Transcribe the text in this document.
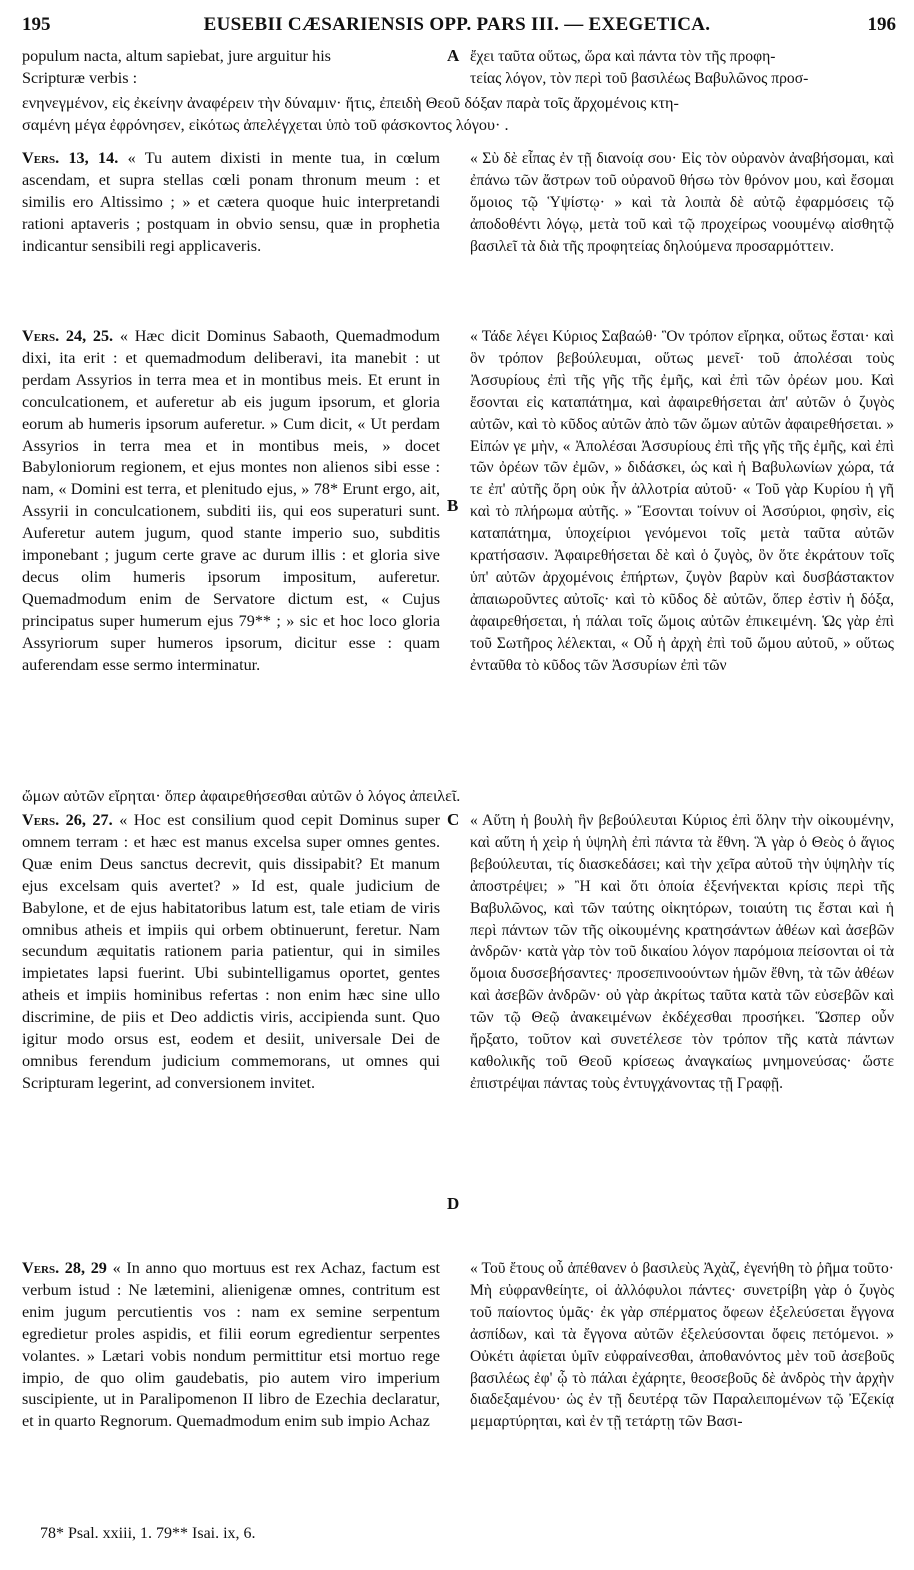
195	EUSEBII CÆSARIENSIS OPP. PARS III. — EXEGETICA.	196

populum nacta, altum sapiebat, jure arguitur his

Scripturæ verbis :

A ἔχει ταῦτα οὕτως, ὥρα καὶ πάντα τὸν τῆς προφη-

τείας λόγον, τὸν περὶ τοῦ βασιλέως Βαβυλῶνος προσ-

ενηνεγμένον, εἰς ἐκείνην ἀναφέρειν τὴν δύναμιν· ἥτις, ἐπειδὴ Θεοῦ δόξαν παρὰ τοῖς ἄρχομένοις κτη-
σαμένη μέγα ἐφρόνησεν, εἰκότως ἀπελέγχεται ὑπὸ τοῦ φάσκοντος λόγου· .

Vers. 13, 14. « Tu autem dixisti in mente tua, in cœlum ascendam, et supra stellas cœli ponam thronum meum : et similis ero Altissimo ; » et cætera quoque huic interpretandi rationi aptaveris ; postquam in obvio sensu, quæ in prophetia indicantur sensibili regi applicaveris.

« Σὺ δὲ εἶπας ἐν τῇ διανοίᾳ σου· Εἰς τὸν οὐρανὸν ἀναβήσομαι, καὶ ἐπάνω τῶν ἄστρων τοῦ οὐρανοῦ θήσω τὸν θρόνον μου, καὶ ἔσομαι ὅμοιος τῷ Ὑψίστῳ· » καὶ τὰ λοιπὰ δὲ αὐτῷ ἐφαρμόσεις τῷ ἀποδοθέντι λόγῳ, μετὰ τοῦ καὶ τῷ προχείρως νοουμένῳ αἰσθητῷ βασιλεῖ τὰ διὰ τῆς προφητείας δηλούμενα προσαρμόττειν.

Vers. 24, 25. « Hæc dicit Dominus Sabaoth, Quemadmodum dixi, ita erit : et quemadmodum deliberavi, ita manebit : ut perdam Assyrios in terra mea et in montibus meis. Et erunt in conculcationem, et auferetur ab eis jugum ipsorum, et gloria eorum ab humeris ipsorum auferetur. » Cum dicit, « Ut perdam Assyrios in terra mea et in montibus meis, » docet Babyloniorum regionem, et ejus montes non alienos sibi esse : nam, « Domini est terra, et plenitudo ejus, » 78* Erunt ergo, ait, Assyrii in conculcationem, subditi iis, qui eos superaturi sunt. Auferetur autem jugum, quod stante imperio suo, subditis imponebant ; jugum certe grave ac durum illis : et gloria sive decus olim humeris ipsorum impositum, auferetur. Quemadmodum enim de Servatore dictum est, « Cujus principatus super humerum ejus 79** ; » sic et hoc loco gloria Assyriorum super humeros ipsorum, dicitur esse : quam auferendam esse sermo interminatur.

B

« Τάδε λέγει Κύριος Σαβαώθ· Ὃν τρόπον εἴρηκα, οὕτως ἔσται· καὶ ὃν τρόπον βεβούλευμαι, οὕτως μενεῖ· τοῦ ἀπολέσαι τοὺς Ἀσσυρίους ἐπὶ τῆς γῆς τῆς ἐμῆς, καὶ ἐπὶ τῶν ὀρέων μου. Καὶ ἔσονται εἰς καταπάτημα, καὶ ἀφαιρεθήσεται ἀπ' αὐτῶν ὁ ζυγὸς αὐτῶν, καὶ τὸ κῦδος αὐτῶν ἀπὸ τῶν ὤμων αὐτῶν ἀφαιρεθήσεται. » Εἰπών γε μὴν, « Ἀπολέσαι Ἀσσυρίους ἐπὶ τῆς γῆς τῆς ἐμῆς, καὶ ἐπὶ τῶν ὀρέων τῶν ἐμῶν, » διδάσκει, ὡς καὶ ἡ Βαβυλωνίων χώρα, τά τε ἐπ' αὐτῆς ὄρη οὐκ ἦν ἀλλοτρία αὐτοῦ· « Τοῦ γὰρ Κυρίου ἡ γῆ καὶ τὸ πλήρωμα αὐτῆς. » Ἔσονται τοίνυν οἱ Ἀσσύριοι, φησὶν, εἰς καταπάτημα, ὑποχείριοι γενόμενοι τοῖς μετὰ ταῦτα αὐτῶν κρατήσασιν. Ἀφαιρεθήσεται δὲ καὶ ὁ ζυγὸς, ὃν ὅτε ἐκράτουν τοῖς ὑπ' αὐτῶν ἀρχομένοις ἐπήρτων, ζυγὸν βαρὺν καὶ δυσβάστακτον ἀπαιωροῦντες αὐτοῖς· καὶ τὸ κῦδος δὲ αὐτῶν, ὅπερ ἐστὶν ἡ δόξα, ἀφαιρεθήσεται, ἡ πάλαι τοῖς ὤμοις αὐτῶν ἐπικειμένη. Ὡς γὰρ ἐπὶ τοῦ Σωτῆρος λέλεκται, « Οὗ ἡ ἀρχὴ ἐπὶ τοῦ ὤμου αὐτοῦ, » οὕτως ἐνταῦθα τὸ κῦδος τῶν Ἀσσυρίων ἐπὶ τῶν

ὤμων αὐτῶν εἴρηται· ὅπερ ἀφαιρεθήσεσθαι αὐτῶν ὁ λόγος ἀπειλεῖ.

Vers. 26, 27. « Hoc est consilium quod cepit Dominus super omnem terram : et hæc est manus excelsa super omnes gentes. Quæ enim Deus sanctus decrevit, quis dissipabit? Et manum ejus excelsam quis avertet? » Id est, quale judicium de Babylone, et de ejus habitatoribus latum est, tale etiam de viris omnibus atheis et impiis qui orbem obtinuerunt, feretur. Nam secundum æquitatis rationem paria patientur, qui in similes impietates lapsi fuerint. Ubi subintelligamus oportet, gentes atheis et impiis hominibus refertas : non enim hæc sine ullo discrimine, de piis et Deo addictis viris, accipienda sunt. Quo igitur modo orsus est, eodem et desiit, universale Dei de omnibus ferendum judicium commemorans, ut omnes qui Scripturam legerint, ad conversionem invitet.

C
D

« Αὕτη ἡ βουλὴ ἣν βεβούλευται Κύριος ἐπὶ ὅλην τὴν οἰκουμένην, καὶ αὕτη ἡ χεὶρ ἡ ὑψηλὴ ἐπὶ πάντα τὰ ἔθνη. Ἃ γὰρ ὁ Θεὸς ὁ ἅγιος βεβούλευται, τίς διασκεδάσει; καὶ τὴν χεῖρα αὐτοῦ τὴν ὑψηλὴν τίς ἀποστρέψει; » Ἢ καὶ ὅτι ὁποία ἐξενήνεκται κρίσις περὶ τῆς Βαβυλῶνος, καὶ τῶν ταύτης οἰκητόρων, τοιαύτη τις ἔσται καὶ ἡ περὶ πάντων τῶν τῆς οἰκουμένης κρατησάντων ἀθέων καὶ ἀσεβῶν ἀνδρῶν· κατὰ γὰρ τὸν τοῦ δικαίου λόγον παρόμοια πείσονται οἱ τὰ ὅμοια δυσσεβήσαντες· προσεπινοούντων ἡμῶν ἔθνη, τὰ τῶν ἀθέων καὶ ἀσεβῶν ἀνδρῶν· οὐ γὰρ ἀκρίτως ταῦτα κατὰ τῶν εὐσεβῶν καὶ τῶν τῷ Θεῷ ἀνακειμένων ἐκδέχεσθαι προσήκει. Ὥσπερ οὖν ἤρξατο, τοῦτον καὶ συνετέλεσε τὸν τρόπον τῆς κατὰ πάντων καθολικῆς τοῦ Θεοῦ κρίσεως ἀναγκαίως μνημονεύσας· ὥστε ἐπιστρέψαι πάντας τοὺς ἐντυγχάνοντας τῇ Γραφῇ.

Vers. 28, 29 « In anno quo mortuus est rex Achaz, factum est verbum istud : Ne lætemini, alienigenæ omnes, contritum est enim jugum percutientis vos : nam ex semine serpentum egredietur proles aspidis, et filii eorum egredientur serpentes volantes. » Lætari vobis nondum permittitur etsi mortuo rege impio, de quo olim gaudebatis, pio autem viro imperium suscipiente, ut in Paralipomenon II libro de Ezechia declaratur, et in quarto Regnorum. Quemadmodum enim sub impio Achaz

« Τοῦ ἔτους οὗ ἀπέθανεν ὁ βασιλεὺς Ἀχὰζ, ἐγενήθη τὸ ῥῆμα τοῦτο· Μὴ εὐφρανθείητε, οἱ ἀλλόφυλοι πάντες· συνετρίβη γὰρ ὁ ζυγὸς τοῦ παίοντος ὑμᾶς· ἐκ γὰρ σπέρματος ὄφεων ἐξελεύσεται ἔγγονα ἀσπίδων, καὶ τὰ ἔγγονα αὐτῶν ἐξελεύσονται ὄφεις πετόμενοι. » Οὐκέτι ἀφίεται ὑμῖν εὐφραίνεσθαι, ἀποθανόντος μὲν τοῦ ἀσεβοῦς βασιλέως ἐφ' ᾧ τὸ πάλαι ἐχάρητε, θεοσεβοῦς δὲ ἀνδρὸς τὴν ἀρχὴν διαδεξαμένου· ὡς ἐν τῇ δευτέρᾳ τῶν Παραλειπομένων τῷ Ἐζεκίᾳ μεμαρτύρηται, καὶ ἐν τῇ τετάρτῃ τῶν Βασι-

78* Psal. xxiii, 1. 79** Isai. ix, 6.
